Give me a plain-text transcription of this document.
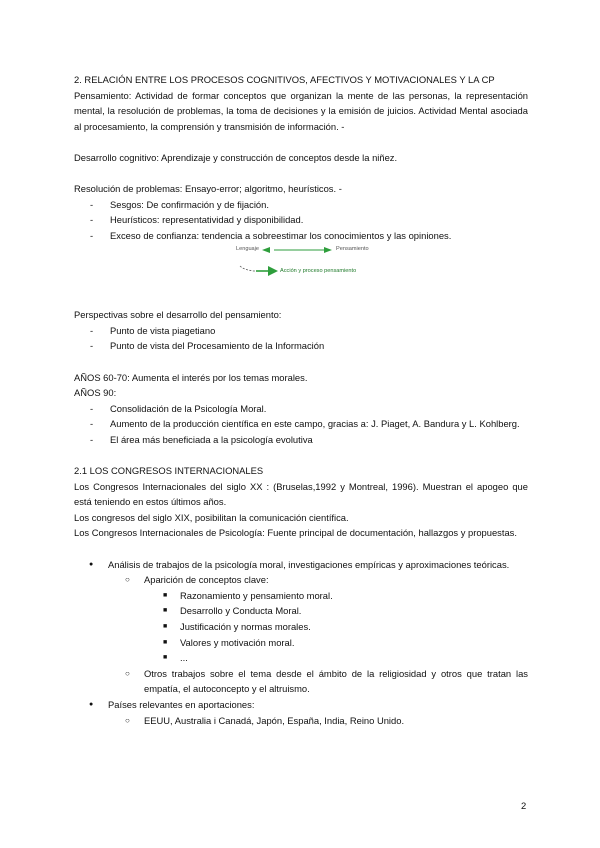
2. RELACIÓN ENTRE LOS PROCESOS COGNITIVOS, AFECTIVOS Y MOTIVACIONALES Y LA CP

Pensamiento: Actividad de formar conceptos que organizan la mente de las personas, la representación mental, la resolución de problemas, la toma de decisiones y la emisión de juicios. Actividad Mental asociada al procesamiento, la comprensión y transmisión de información. -

Desarrollo cognitivo: Aprendizaje y construcción de conceptos desde la niñez.

Resolución de problemas: Ensayo-error; algoritmo, heurísticos. -

- Sesgos: De confirmación y de fijación.
- Heurísticos: representatividad y disponibilidad.
- Exceso de confianza: tendencia a sobreestimar los conocimientos y las opiniones.
Lenguaje	Pensamiento
Acción y proceso pensamiento

Perspectivas sobre el desarrollo del pensamiento:

- Punto de vista piagetiano
- Punto de vista del Procesamiento de la Información

AÑOS 60-70: Aumenta el interés por los temas morales.

AÑOS 90:

- Consolidación de la Psicología Moral.
- Aumento de la producción científica en este campo, gracias a: J. Piaget, A. Bandura y L. Kohlberg.
- El área más beneficiada a la psicología evolutiva

2.1 LOS CONGRESOS INTERNACIONALES

Los Congresos Internacionales del siglo XX : (Bruselas,1992 y Montreal, 1996). Muestran el apogeo que está teniendo en estos últimos años.

Los congresos del siglo XIX, posibilitan la comunicación científica.

Los Congresos Internacionales de Psicología: Fuente principal de documentación, hallazgos y propuestas.

● Análisis de trabajos de la psicología moral, investigaciones empíricas y aproximaciones teóricas.
○ Aparición de conceptos clave:
■ Razonamiento y pensamiento moral.
■ Desarrollo y Conducta Moral.
■ Justificación y normas morales.
■ Valores y motivación moral.
■ ...
○ Otros trabajos sobre el tema desde el ámbito de la religiosidad y otros que tratan las empatía, el autoconcepto y el altruismo.
● Países relevantes en aportaciones:
○ EEUU, Australia i Canadá, Japón, España, India, Reino Unido.
2
